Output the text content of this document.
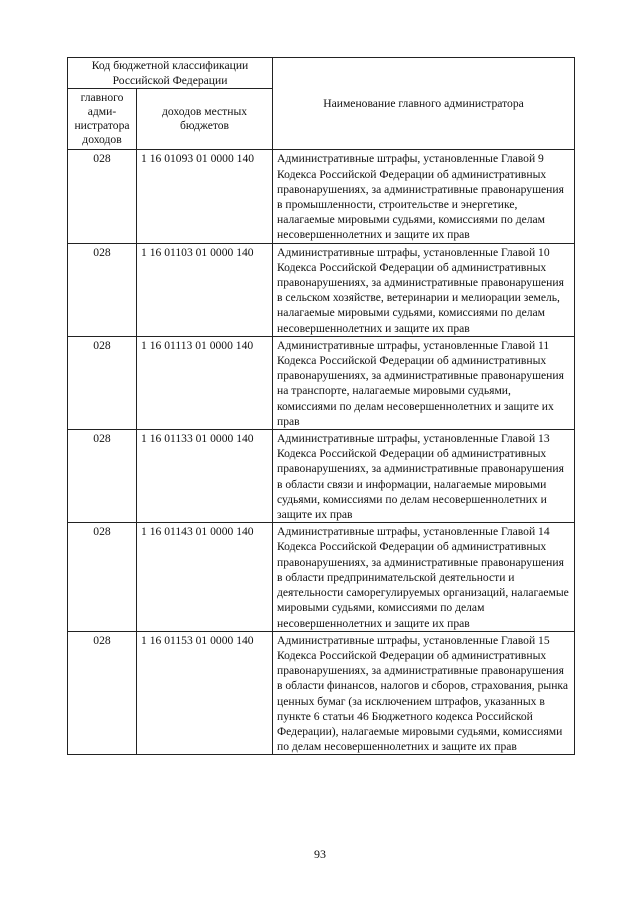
Код бюджетной классификации Российской Федерации		Наименование главного администратора
главного адми-нистратора доходов	доходов местных бюджетов	
028	1 16 01093 01 0000 140	Административные штрафы, установленные Главой 9 Кодекса Российской Федерации об административных правонарушениях, за административные правонарушения в промышленности, строительстве и энергетике, налагаемые мировыми судьями, комиссиями по делам несовершеннолетних и защите их прав
028	1 16 01103 01 0000 140	Административные штрафы, установленные Главой 10 Кодекса Российской Федерации об административных правонарушениях, за административные правонарушения в сельском хозяйстве, ветеринарии и мелиорации земель, налагаемые мировыми судьями, комиссиями по делам несовершеннолетних и защите их прав
028	1 16 01113 01 0000 140	Административные штрафы, установленные Главой 11 Кодекса Российской Федерации об административных правонарушениях, за административные правонарушения на транспорте, налагаемые мировыми судьями, комиссиями по делам несовершеннолетних и защите их прав
028	1 16 01133 01 0000 140	Административные штрафы, установленные Главой 13 Кодекса Российской Федерации об административных правонарушениях, за административные правонарушения в области связи и информации, налагаемые мировыми судьями, комиссиями по делам несовершеннолетних и защите их прав
028	1 16 01143 01 0000 140	Административные штрафы, установленные Главой 14 Кодекса Российской Федерации об административных правонарушениях, за административные правонарушения в области предпринимательской деятельности и деятельности саморегулируемых организаций, налагаемые мировыми судьями, комиссиями по делам несовершеннолетних и защите их прав
028	1 16 01153 01 0000 140	Административные штрафы, установленные Главой 15 Кодекса Российской Федерации об административных правонарушениях, за административные правонарушения в области финансов, налогов и сборов, страхования, рынка ценных бумаг (за исключением штрафов, указанных в пункте 6 статьи 46 Бюджетного кодекса Российской Федерации), налагаемые мировыми судьями, комиссиями по делам несовершеннолетних и защите их прав
93
